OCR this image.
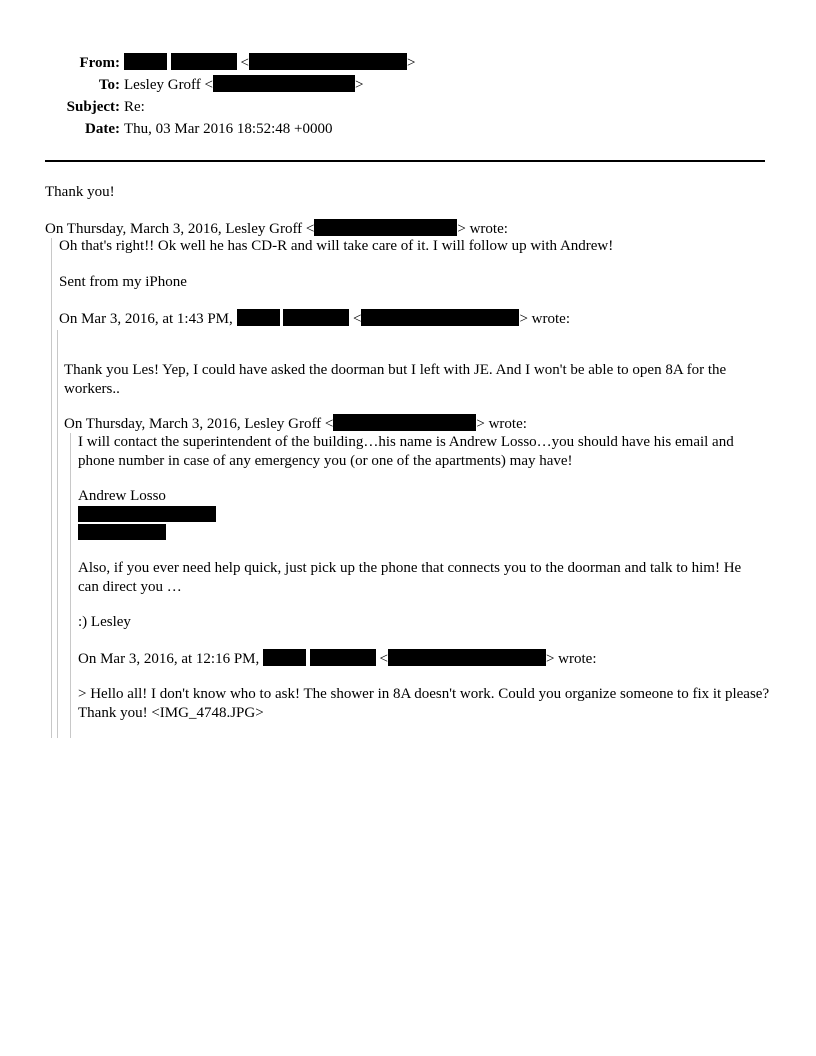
From:	<	>
To: Lesley Groff <	>
Subject: Re:
Date: Thu, 03 Mar 2016 18:52:48 +0000
Thank you!
On Thursday, March 3, 2016, Lesley Groff <	> wrote:
Oh that's right!! Ok well he has CD-R and will take care of it. I will follow up with Andrew!
Sent from my iPhone
On Mar 3, 2016, at 1:43 PM,	<	> wrote:
Thank you Les! Yep, I could have asked the doorman but I left with JE. And I won't be able to open 8A for the workers..
On Thursday, March 3, 2016, Lesley Groff <	> wrote:
I will contact the superintendent of the building…his name is Andrew Losso…you should have his email and phone number in case of any emergency you (or one of the apartments) may have!
Andrew Losso
Also, if you ever need help quick, just pick up the phone that connects you to the doorman and talk to him! He can direct you …
:) Lesley
On Mar 3, 2016, at 12:16 PM,	<	> wrote:
> Hello all! I don't know who to ask! The shower in 8A doesn't work. Could you organize someone to fix it please? Thank you! <IMG_4748.JPG>
